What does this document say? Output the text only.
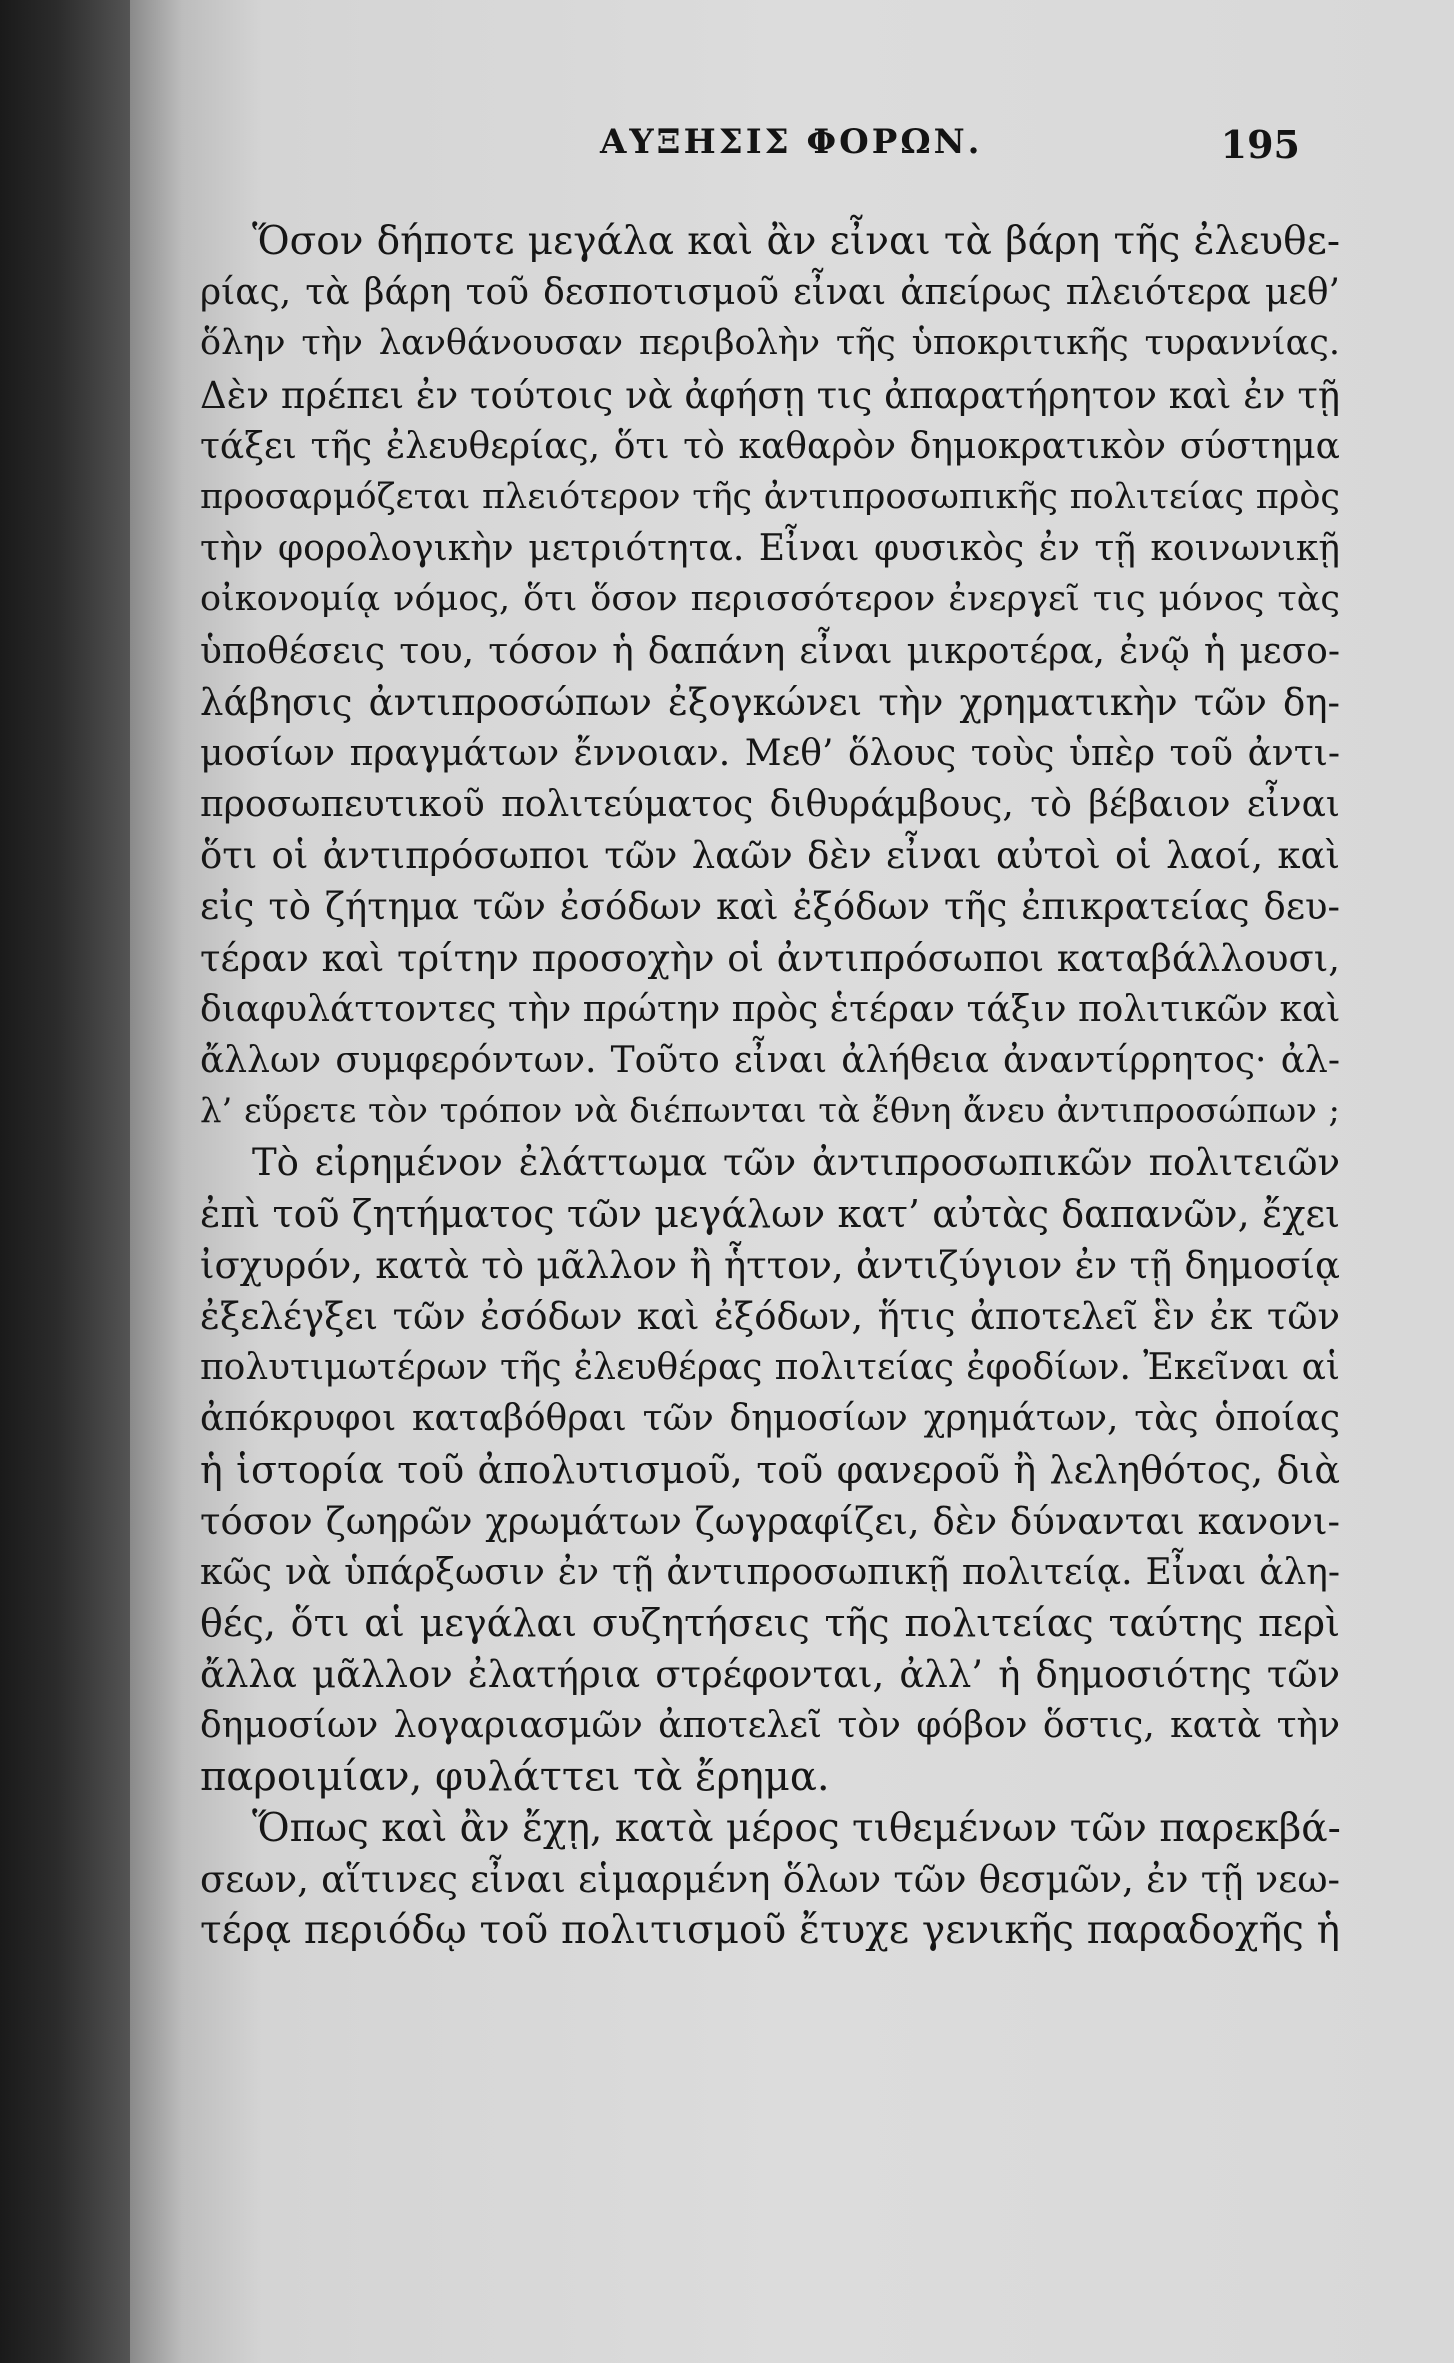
ΑΥΞΗΣΙΣ ΦΟΡΩΝ.	195
Ὅσον δήποτε μεγάλα καὶ ἂν εἶναι τὰ βάρη τῆς ἐλευθε-
ρίας, τὰ βάρη τοῦ δεσποτισμοῦ εἶναι ἀπείρως πλειότερα μεθ’
ὅλην τὴν λανθάνουσαν περιβολὴν τῆς ὑποκριτικῆς τυραννίας.
Δὲν πρέπει ἐν τούτοις νὰ ἀφήσῃ τις ἀπαρατήρητον καὶ ἐν τῇ
τάξει τῆς ἐλευθερίας, ὅτι τὸ καθαρὸν δημοκρατικὸν σύστημα
προσαρμόζεται πλειότερον τῆς ἀντιπροσωπικῆς πολιτείας πρὸς
τὴν φορολογικὴν μετριότητα. Εἶναι φυσικὸς ἐν τῇ κοινωνικῇ
οἰκονομίᾳ νόμος, ὅτι ὅσον περισσότερον ἐνεργεῖ τις μόνος τὰς
ὑποθέσεις του, τόσον ἡ δαπάνη εἶναι μικροτέρα, ἐνῷ ἡ μεσο-
λάβησις ἀντιπροσώπων ἐξογκώνει τὴν χρηματικὴν τῶν δη-
μοσίων πραγμάτων ἔννοιαν. Μεθ’ ὅλους τοὺς ὑπὲρ τοῦ ἀντι-
προσωπευτικοῦ πολιτεύματος διθυράμβους, τὸ βέβαιον εἶναι
ὅτι οἱ ἀντιπρόσωποι τῶν λαῶν δὲν εἶναι αὐτοὶ οἱ λαοί, καὶ
εἰς τὸ ζήτημα τῶν ἐσόδων καὶ ἐξόδων τῆς ἐπικρατείας δευ-
τέραν καὶ τρίτην προσοχὴν οἱ ἀντιπρόσωποι καταβάλλουσι,
διαφυλάττοντες τὴν πρώτην πρὸς ἑτέραν τάξιν πολιτικῶν καὶ
ἄλλων συμφερόντων. Τοῦτο εἶναι ἀλήθεια ἀναντίρρητος· ἀλ-
λ’ εὕρετε τὸν τρόπον νὰ διέπωνται τὰ ἔθνη ἄνευ ἀντιπροσώπων ;
Τὸ εἰρημένον ἐλάττωμα τῶν ἀντιπροσωπικῶν πολιτειῶν
ἐπὶ τοῦ ζητήματος τῶν μεγάλων κατ’ αὐτὰς δαπανῶν, ἔχει
ἰσχυρόν, κατὰ τὸ μᾶλλον ἢ ἧττον, ἀντιζύγιον ἐν τῇ δημοσίᾳ
ἐξελέγξει τῶν ἐσόδων καὶ ἐξόδων, ἥτις ἀποτελεῖ ἓν ἐκ τῶν
πολυτιμωτέρων τῆς ἐλευθέρας πολιτείας ἐφοδίων. Ἐκεῖναι αἱ
ἀπόκρυφοι καταβόθραι τῶν δημοσίων χρημάτων, τὰς ὁποίας
ἡ ἱστορία τοῦ ἀπολυτισμοῦ, τοῦ φανεροῦ ἢ λεληθότος, διὰ
τόσον ζωηρῶν χρωμάτων ζωγραφίζει, δὲν δύνανται κανονι-
κῶς νὰ ὑπάρξωσιν ἐν τῇ ἀντιπροσωπικῇ πολιτείᾳ. Εἶναι ἀλη-
θές, ὅτι αἱ μεγάλαι συζητήσεις τῆς πολιτείας ταύτης περὶ
ἄλλα μᾶλλον ἐλατήρια στρέφονται, ἀλλ’ ἡ δημοσιότης τῶν
δημοσίων λογαριασμῶν ἀποτελεῖ τὸν φόβον ὅστις, κατὰ τὴν
παροιμίαν, φυλάττει τὰ ἔρημα.
Ὅπως καὶ ἂν ἔχῃ, κατὰ μέρος τιθεμένων τῶν παρεκβά-
σεων, αἵτινες εἶναι εἱμαρμένη ὅλων τῶν θεσμῶν, ἐν τῇ νεω-
τέρᾳ περιόδῳ τοῦ πολιτισμοῦ ἔτυχε γενικῆς παραδοχῆς ἡ
